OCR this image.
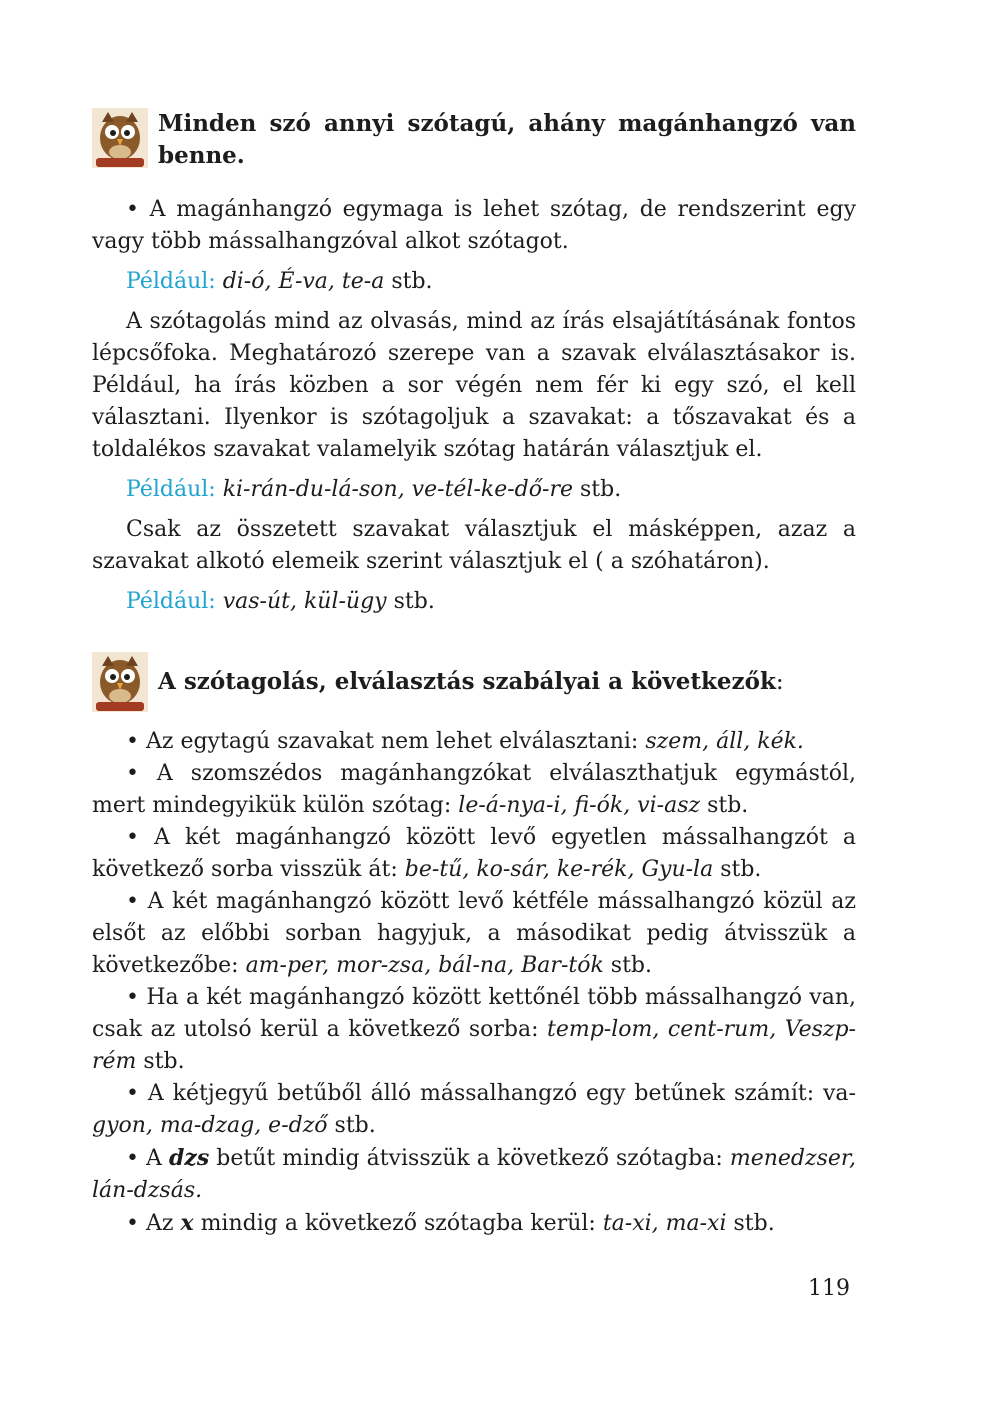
Minden szó annyi szótagú, ahány magánhangzó van benne.

• A magánhangzó egymaga is lehet szótag, de rendszerint egy vagy több mássalhangzóval alkot szótagot.

Például: di-ó, É-va, te-a stb.

A szótagolás mind az olvasás, mind az írás elsajátításának fontos lépcsőfoka. Meghatározó szerepe van a szavak elválasztásakor is. Például, ha írás közben a sor végén nem fér ki egy szó, el kell választani. Ilyenkor is szótagoljuk a szavakat: a tőszavakat és a toldalékos szavakat valamelyik szótag határán választjuk el.

Például: ki-rán-du-lá-son, ve-tél-ke-dő-re stb.

Csak az összetett szavakat választjuk el másképpen, azaz a szavakat alkotó elemeik szerint választjuk el ( a szóhatáron).

Például: vas-út, kül-ügy stb.

A szótagolás, elválasztás szabályai a következők:

• Az egytagú szavakat nem lehet elválasztani: szem, áll, kék.

• A szomszédos magánhangzókat elválaszthatjuk egymástól, mert mindegyikük külön szótag: le-á-nya-i, fi-ók, vi-asz stb.

• A két magánhangzó között levő egyetlen mássalhangzót a következő sorba visszük át: be-tű, ko-sár, ke-rék, Gyu-la stb.

• A két magánhangzó között levő kétféle mássalhangzó közül az elsőt az előbbi sorban hagyjuk, a másodikat pedig átvisszük a következőbe: am-per, mor-zsa, bál-na, Bar-tók stb.

• Ha a két magánhangzó között kettőnél több mássalhangzó van, csak az utolsó kerül a következő sorba: temp-lom, cent-rum, Veszp-rém stb.

• A kétjegyű betűből álló mássalhangzó egy betűnek számít: va-gyon, ma-dzag, e-dző stb.

• A dzs betűt mindig átvisszük a következő szótagba: menedzser, lán-dzsás.

• Az x mindig a következő szótagba kerül: ta-xi, ma-xi stb.

119
